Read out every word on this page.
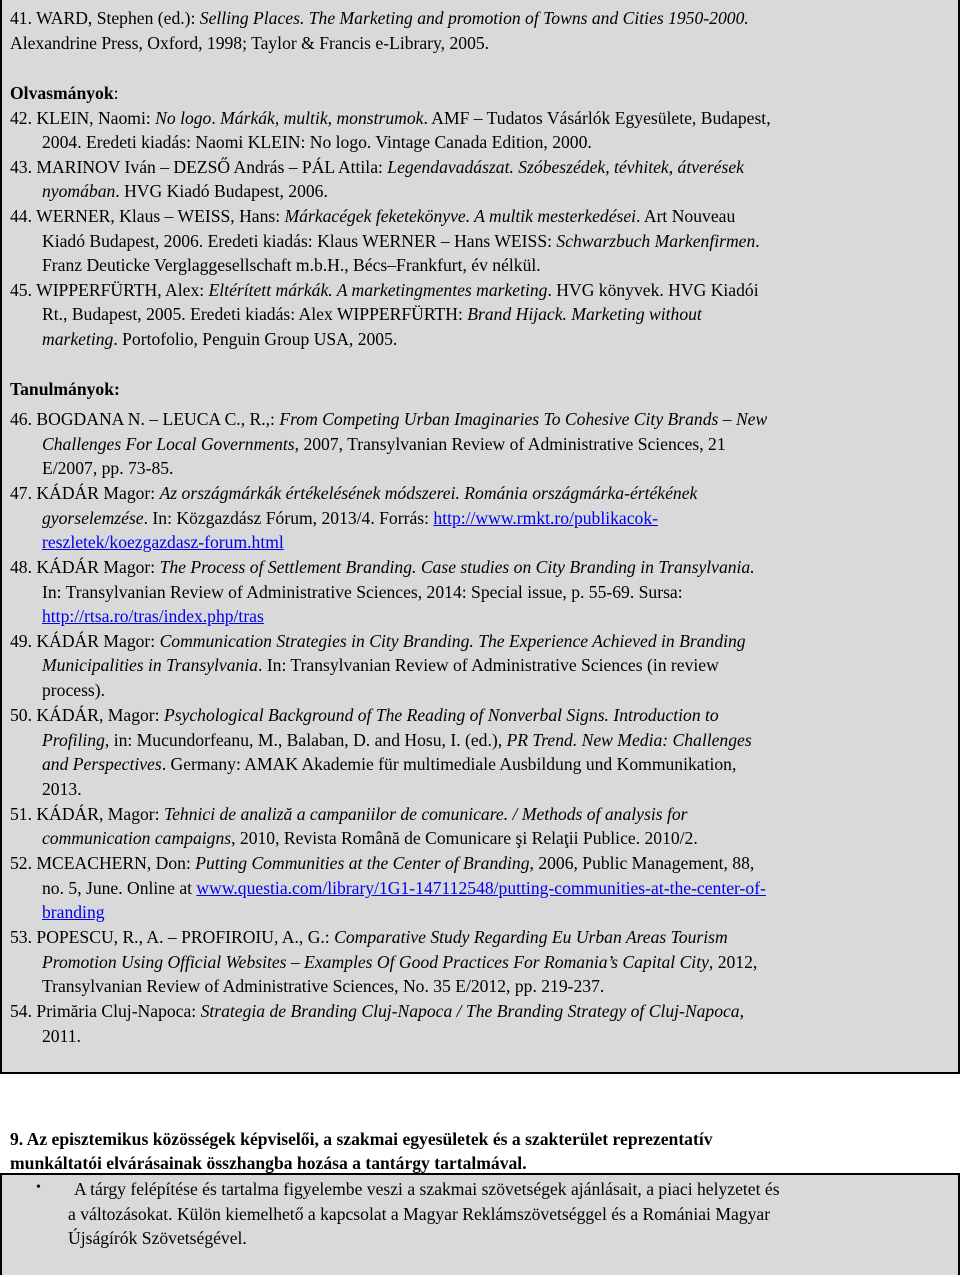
41. WARD, Stephen (ed.): Selling Places. The Marketing and promotion of Towns and Cities 1950-2000.
Alexandrine Press, Oxford, 1998; Taylor & Francis e-Library, 2005.
Olvasmányok:
42. KLEIN, Naomi: No logo. Márkák, multik, monstrumok. AMF – Tudatos Vásárlók Egyesülete, Budapest,
2004. Eredeti kiadás: Naomi KLEIN: No logo. Vintage Canada Edition, 2000.
43. MARINOV Iván – DEZSŐ András – PÁL Attila: Legendavadászat. Szóbeszédek, tévhitek, átverések
nyomában. HVG Kiadó Budapest, 2006.
44. WERNER, Klaus – WEISS, Hans: Márkacégek feketekönyve. A multik mesterkedései. Art Nouveau
Kiadó Budapest, 2006. Eredeti kiadás: Klaus WERNER – Hans WEISS: Schwarzbuch Markenfirmen.
Franz Deuticke Verglaggesellschaft m.b.H., Bécs–Frankfurt, év nélkül.
45. WIPPERFÜRTH, Alex: Eltérített márkák. A marketingmentes marketing. HVG könyvek. HVG Kiadói
Rt., Budapest, 2005. Eredeti kiadás: Alex WIPPERFÜRTH: Brand Hijack. Marketing without
marketing. Portofolio, Penguin Group USA, 2005.
Tanulmányok:
46. BOGDANA N. – LEUCA C., R.,: From Competing Urban Imaginaries To Cohesive City Brands – New
Challenges For Local Governments, 2007, Transylvanian Review of Administrative Sciences, 21
E/2007, pp. 73-85.
47. KÁDÁR Magor: Az országmárkák értékelésének módszerei. Románia országmárka-értékének
gyorselemzése. In: Közgazdász Fórum, 2013/4. Forrás: http://www.rmkt.ro/publikacok-
reszletek/koezgazdasz-forum.html
48. KÁDÁR Magor: The Process of Settlement Branding. Case studies on City Branding in Transylvania.
In: Transylvanian Review of Administrative Sciences, 2014: Special issue, p. 55-69. Sursa:
http://rtsa.ro/tras/index.php/tras
49. KÁDÁR Magor: Communication Strategies in City Branding. The Experience Achieved in Branding
Municipalities in Transylvania. In: Transylvanian Review of Administrative Sciences (in review
process).
50. KÁDÁR, Magor: Psychological Background of The Reading of Nonverbal Signs. Introduction to
Profiling, in: Mucundorfeanu, M., Balaban, D. and Hosu, I. (ed.), PR Trend. New Media: Challenges
and Perspectives. Germany: AMAK Akademie für multimediale Ausbildung und Kommunikation,
2013.
51. KÁDÁR, Magor: Tehnici de analiză a campaniilor de comunicare. / Methods of analysis for
communication campaigns, 2010, Revista Română de Comunicare şi Relaţii Publice. 2010/2.
52. MCEACHERN, Don: Putting Communities at the Center of Branding, 2006, Public Management, 88,
no. 5, June. Online at www.questia.com/library/1G1-147112548/putting-communities-at-the-center-of-
branding
53. POPESCU, R., A. – PROFIROIU, A., G.: Comparative Study Regarding Eu Urban Areas Tourism
Promotion Using Official Websites – Examples Of Good Practices For Romania’s Capital City, 2012,
Transylvanian Review of Administrative Sciences, No. 35 E/2012, pp. 219-237.
54. Primăria Cluj-Napoca: Strategia de Branding Cluj-Napoca / The Branding Strategy of Cluj-Napoca,
2011.
9. Az episztemikus közösségek képviselői, a szakmai egyesületek és a szakterület reprezentatív
munkáltatói elvárásainak összhangba hozása a tantárgy tartalmával.
• A tárgy felépítése és tartalma figyelembe veszi a szakmai szövetségek ajánlásait, a piaci helyzetet és
a változásokat. Külön kiemelhető a kapcsolat a Magyar Reklámszövetséggel és a Romániai Magyar
Újságírók Szövetségével.
